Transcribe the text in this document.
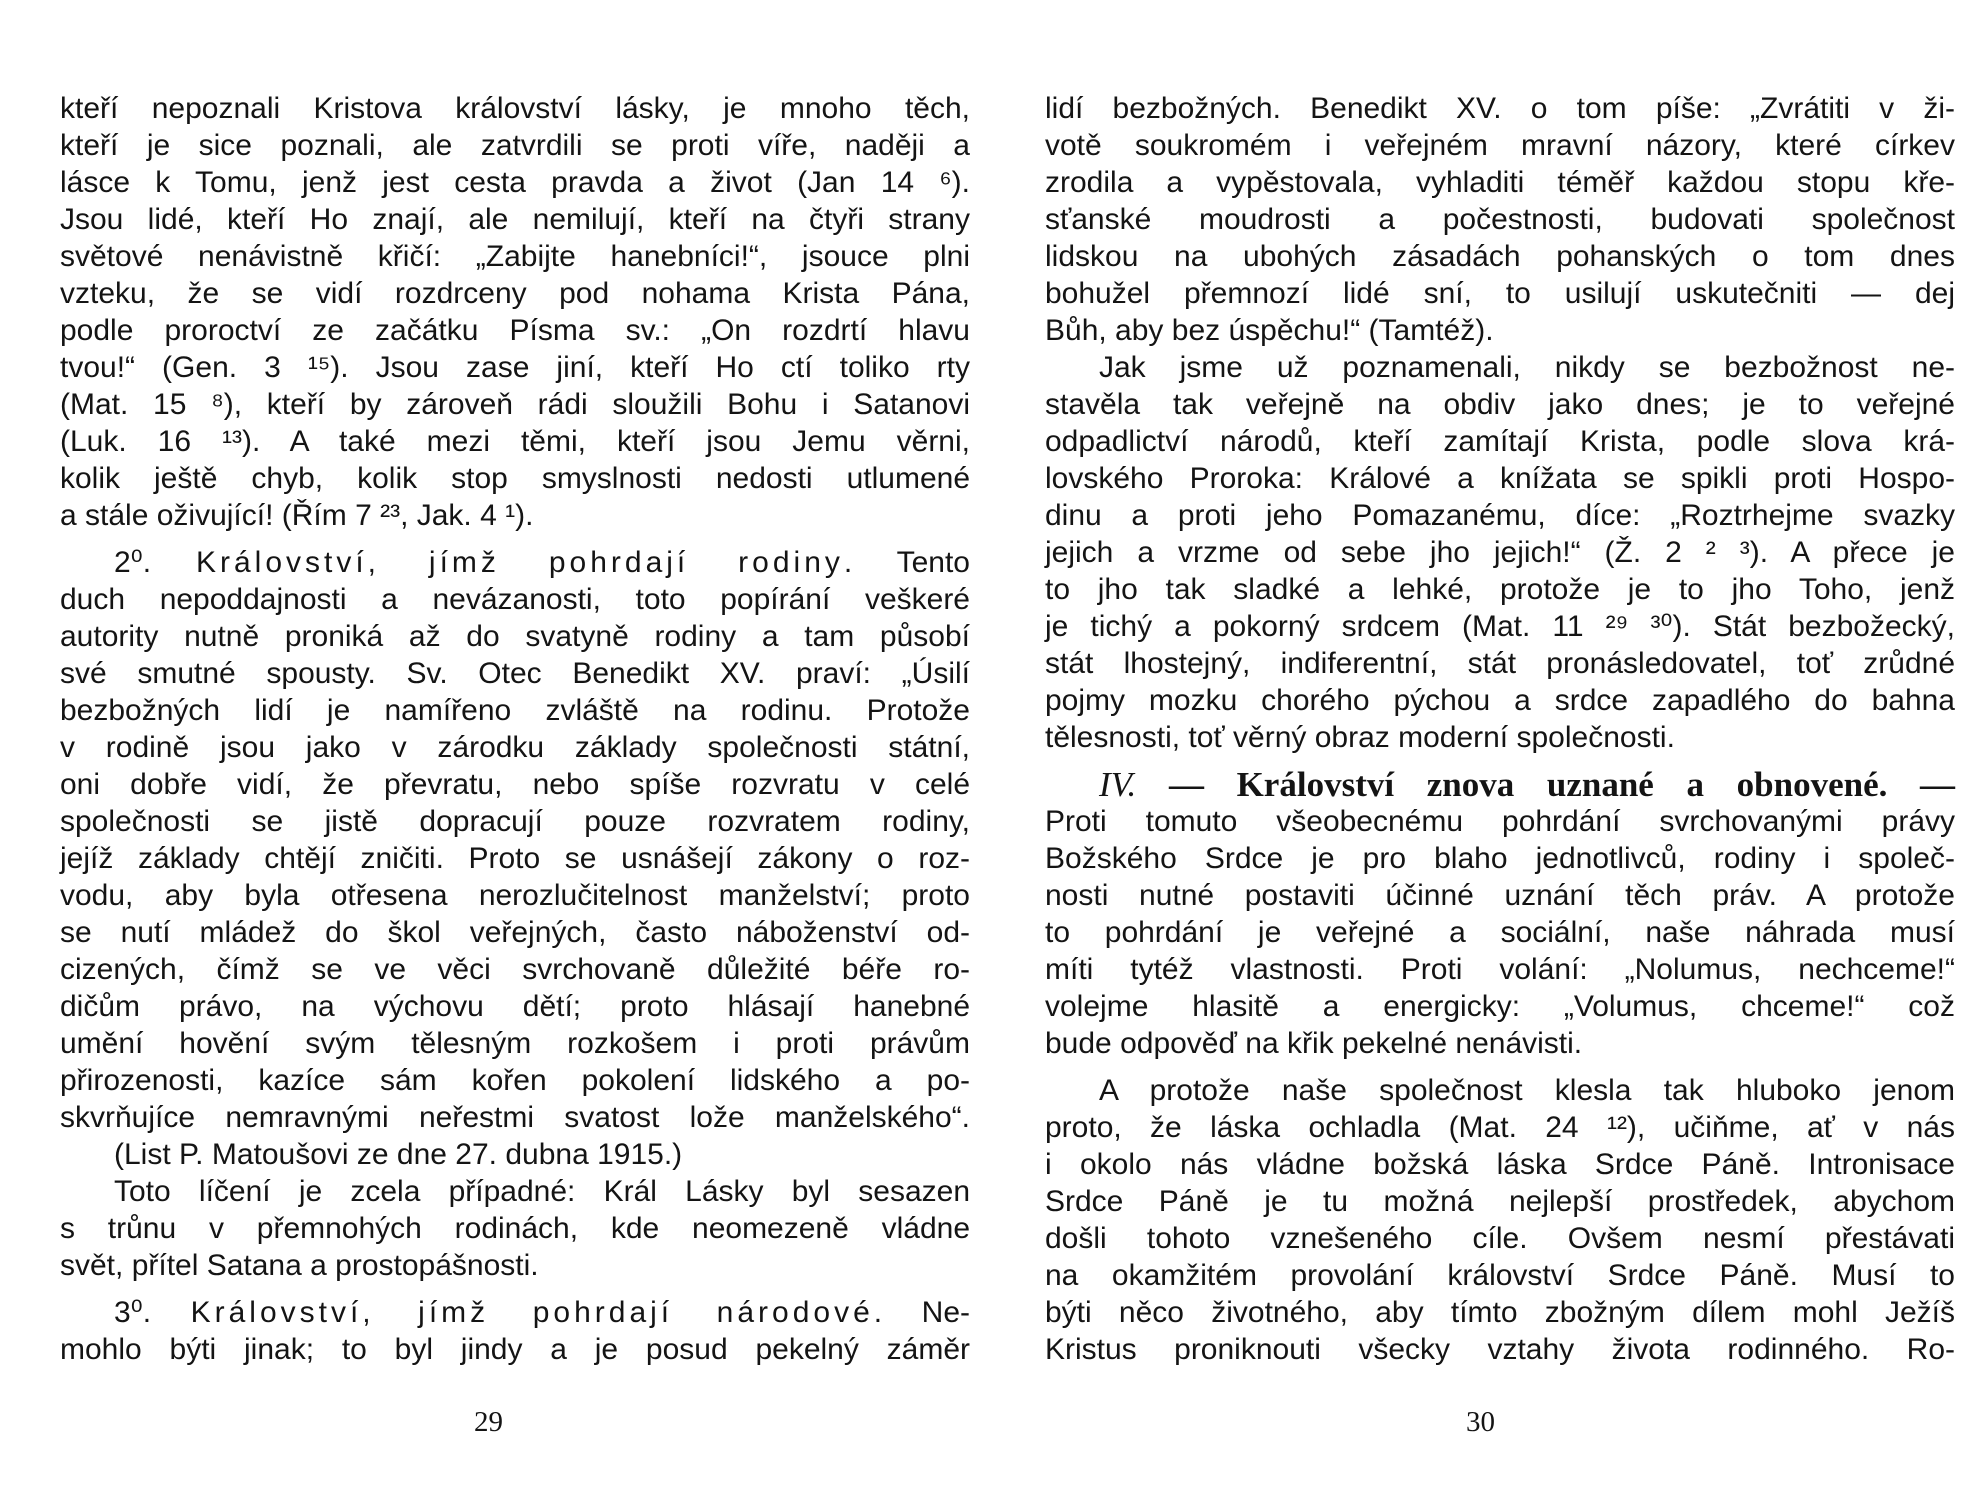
kteří nepoznali Kristova království lásky, je mnoho těch,
kteří je sice poznali, ale zatvrdili se proti víře, naději a
lásce k Tomu, jenž jest cesta pravda a život (Jan 14 ⁶).
Jsou lidé, kteří Ho znají, ale nemilují, kteří na čtyři strany
světové nenávistně křičí: „Zabijte hanebníci!“, jsouce plni
vzteku, že se vidí rozdrceny pod nohama Krista Pána,
podle proroctví ze začátku Písma sv.: „On rozdrtí hlavu
tvou!“ (Gen. 3 ¹⁵). Jsou zase jiní, kteří Ho ctí toliko rty
(Mat. 15 ⁸), kteří by zároveň rádi sloužili Bohu i Satanovi
(Luk. 16 ¹³). A také mezi těmi, kteří jsou Jemu věrni,
kolik ještě chyb, kolik stop smyslnosti nedosti utlumené
a stále oživující! (Řím 7 ²³, Jak. 4 ¹).
2⁰. Království, jímž pohrdají rodiny. Tento
duch nepoddajnosti a nevázanosti, toto popírání veškeré
autority nutně proniká až do svatyně rodiny a tam působí
své smutné spousty. Sv. Otec Benedikt XV. praví: „Úsilí
bezbožných lidí je namířeno zvláště na rodinu. Protože
v rodině jsou jako v zárodku základy společnosti státní,
oni dobře vidí, že převratu, nebo spíše rozvratu v celé
společnosti se jistě dopracují pouze rozvratem rodiny,
jejíž základy chtějí zničiti. Proto se usnášejí zákony o roz-
vodu, aby byla otřesena nerozlučitelnost manželství; proto
se nutí mládež do škol veřejných, často náboženství od-
cizených, čímž se ve věci svrchovaně důležité béře ro-
dičům právo, na výchovu dětí; proto hlásají hanebné
umění hovění svým tělesným rozkošem i proti právům
přirozenosti, kazíce sám kořen pokolení lidského a po-
skvrňujíce nemravnými neřestmi svatost lože manželského“.
(List P. Matoušovi ze dne 27. dubna 1915.)
Toto líčení je zcela případné: Král Lásky byl sesazen
s trůnu v přemnohých rodinách, kde neomezeně vládne
svět, přítel Satana a prostopášnosti.
3⁰. Království, jímž pohrdají národové. Ne-
mohlo býti jinak; to byl jindy a je posud pekelný záměr
lidí bezbožných. Benedikt XV. o tom píše: „Zvrátiti v ži-
votě soukromém i veřejném mravní názory, které církev
zrodila a vypěstovala, vyhladiti téměř každou stopu kře-
sťanské moudrosti a počestnosti, budovati společnost
lidskou na ubohých zásadách pohanských o tom dnes
bohužel přemnozí lidé sní, to usilují uskutečniti — dej
Bůh, aby bez úspěchu!“ (Tamtéž).
Jak jsme už poznamenali, nikdy se bezbožnost ne-
stavěla tak veřejně na obdiv jako dnes; je to veřejné
odpadlictví národů, kteří zamítají Krista, podle slova krá-
lovského Proroka: Králové a knížata se spikli proti Hospo-
dinu a proti jeho Pomazanému, díce: „Roztrhejme svazky
jejich a vrzme od sebe jho jejich!“ (Ž. 2 ² ³). A přece je
to jho tak sladké a lehké, protože je to jho Toho, jenž
je tichý a pokorný srdcem (Mat. 11 ²⁹ ³⁰). Stát bezbožecký,
stát lhostejný, indiferentní, stát pronásledovatel, toť zrůdné
pojmy mozku chorého pýchou a srdce zapadlého do bahna
tělesnosti, toť věrný obraz moderní společnosti.
IV. — Království znova uznané a obnovené. —
Proti tomuto všeobecnému pohrdání svrchovanými právy
Božského Srdce je pro blaho jednotlivců, rodiny i společ-
nosti nutné postaviti účinné uznání těch práv. A protože
to pohrdání je veřejné a sociální, naše náhrada musí
míti tytéž vlastnosti. Proti volání: „Nolumus, nechceme!“
volejme hlasitě a energicky: „Volumus, chceme!“ což
bude odpověď na křik pekelné nenávisti.
A protože naše společnost klesla tak hluboko jenom
proto, že láska ochladla (Mat. 24 ¹²), učiňme, ať v nás
i okolo nás vládne božská láska Srdce Páně. Intronisace
Srdce Páně je tu možná nejlepší prostředek, abychom
došli tohoto vznešeného cíle. Ovšem nesmí přestávati
na okamžitém provolání království Srdce Páně. Musí to
býti něco životného, aby tímto zbožným dílem mohl Ježíš
Kristus proniknouti všecky vztahy života rodinného. Ro-
29	30
